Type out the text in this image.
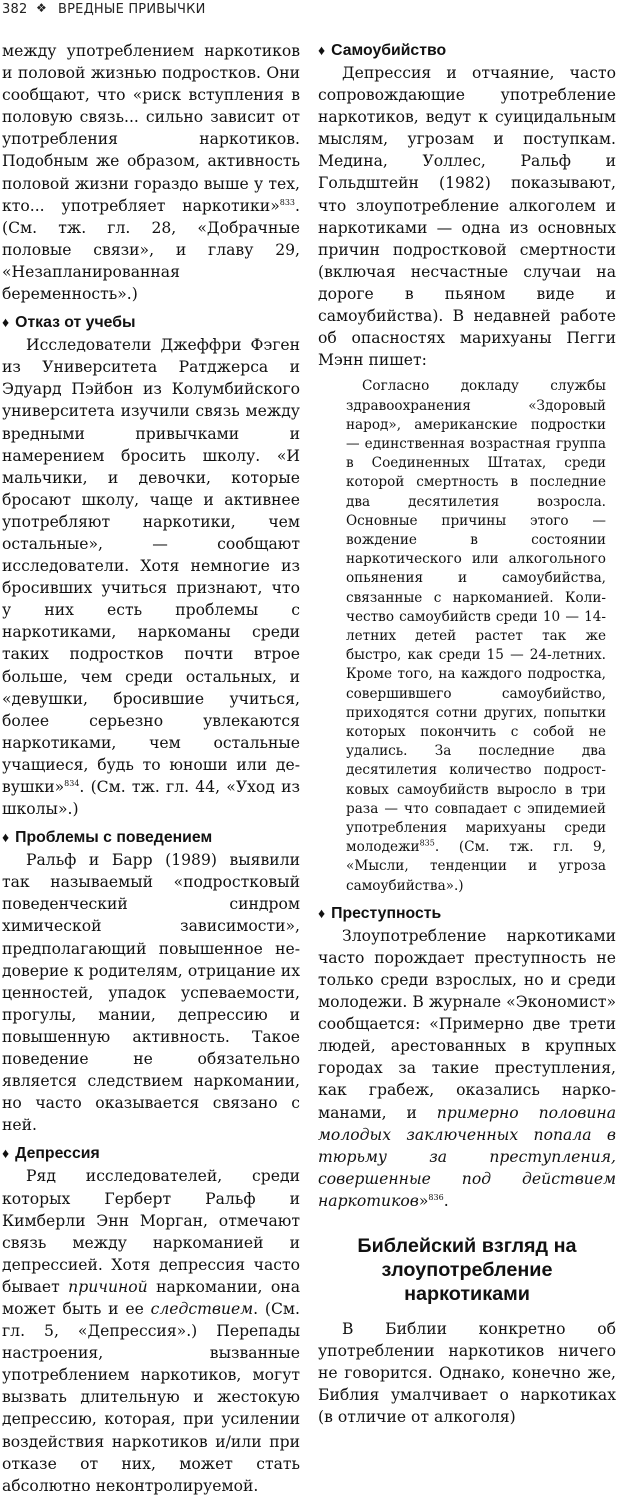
382 ❖ ВРЕДНЫЕ ПРИВЫЧКИ

между употреблением наркотиков и половой жизнью подростков. Они сообщают, что «риск вступления в половую связь... сильно зависит от употребления наркотиков. Подобным же образом, активность половой жизни гораздо выше у тех, кто... употребляет наркотики»$^{833}$. (См. тж. гл. 28, «Добрачные половые связи», и главу 29, «Незапланированная беременность».)

♦ Отказ от учебы

Исследователи Джеффри Фэген из Университета Ратджерса и Эдуард Пэйбон из Колумбийского университета изучили связь между вредными привычками и намерением бросить школу. «И мальчики, и девочки, которые бросают школу, чаще и активнее употребляют наркотики, чем остальные», — сообщают исследователи. Хотя немногие из бросивших учиться признают, что у них есть проблемы с наркотиками, наркоманы среди таких подростков почти втрое больше, чем среди остальных, и «девушки, бросившие учиться, более серьезно увлекаются наркотиками, чем остальные учащиеся, будь то юноши или девушки»$^{834}$. (См. тж. гл. 44, «Уход из школы».)

♦ Проблемы с поведением

Ральф и Барр (1989) выявили так называемый «подростковый поведенческий синдром химической зависимости», предполагающий повышенное недоверие к родителям, отрицание их ценностей, упадок успеваемости, прогулы, мании, депрессию и повышенную активность. Такое поведение не обязательно является следствием наркомании, но часто оказывается связано с ней.

♦ Депрессия

Ряд исследователей, среди которых Герберт Ральф и Кимберли Энн Морган, отмечают связь между наркоманией и депрессией. Хотя депрессия часто бывает причиной наркомании, она может быть и ее следствием. (См. гл. 5, «Депрессия».) Перепады настроения, вызванные употреблением наркотиков, могут вызвать длительную и жестокую депрессию, которая, при усилении воздействия наркотиков и/или при отказе от них, может стать абсолютно неконтролируемой.

♦ Самоубийство

Депрессия и отчаяние, часто сопровождающие употребление наркотиков, ведут к суицидальным мыслям, угрозам и поступкам. Медина, Уоллес, Ральф и Гольдштейн (1982) показывают, что злоупотребление алкоголем и наркотиками — одна из основных причин подростковой смертности (включая несчастные случаи на дороге в пьяном виде и самоубийства). В недавней работе об опасностях марихуаны Пегги Мэнн пишет:

Согласно докладу службы здравоохранения «Здоровый народ», американские подростки — единственная возрастная группа в Соединенных Штатах, среди которой смертность в последние два десятилетия возросла. Основные причины этого — вождение в состоянии наркотического или алкогольного опьянения и самоубийства, связанные с наркоманией. Количество самоубийств среди 10 — 14-летних детей растет так же быстро, как среди 15 — 24-летних. Кроме того, на каждого подростка, совершившего самоубийство, приходятся сотни других, попытки которых покончить с собой не удались. За последние два десятилетия количество подростковых самоубийств выросло в три раза — что совпадает с эпидемией употребления марихуаны среди молодежи$^{835}$. (См. тж. гл. 9, «Мысли, тенденции и угроза самоубийства».)

♦ Преступность

Злоупотребление наркотиками часто порождает преступность не только среди взрослых, но и среди молодежи. В журнале «Экономист» сообщается: «Примерно две трети людей, арестованных в крупных городах за такие преступления, как грабеж, оказались наркоманами, и примерно половина молодых заключенных попала в тюрьму за преступления, совершенные под действием наркотиков»$^{836}$.

Библейский взгляд на злоупотребление наркотиками

В Библии конкретно об употреблении наркотиков ничего не говорится. Однако, конечно же, Библия умалчивает о наркотиках (в отличие от алкоголя)
